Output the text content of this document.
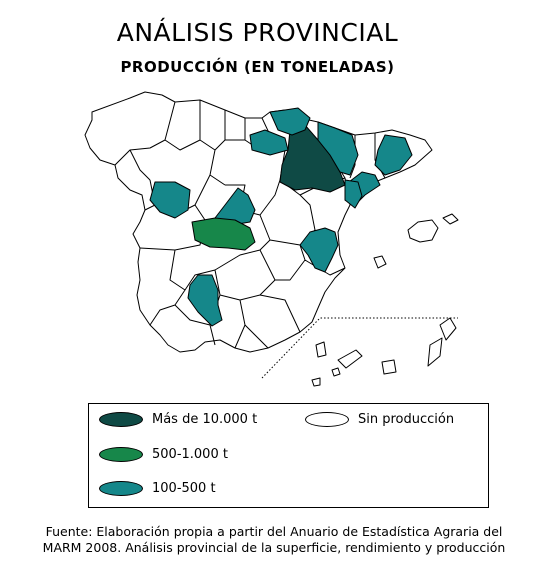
ANÁLISIS PROVINCIAL
PRODUCCIÓN (EN TONELADAS)
Más de 10.000 t	Sin producción
500-1.000 t
100-500 t
Fuente: Elaboración propia a partir del Anuario de Estadística Agraria del
MARM 2008. Análisis provincial de la superficie, rendimiento y producción
